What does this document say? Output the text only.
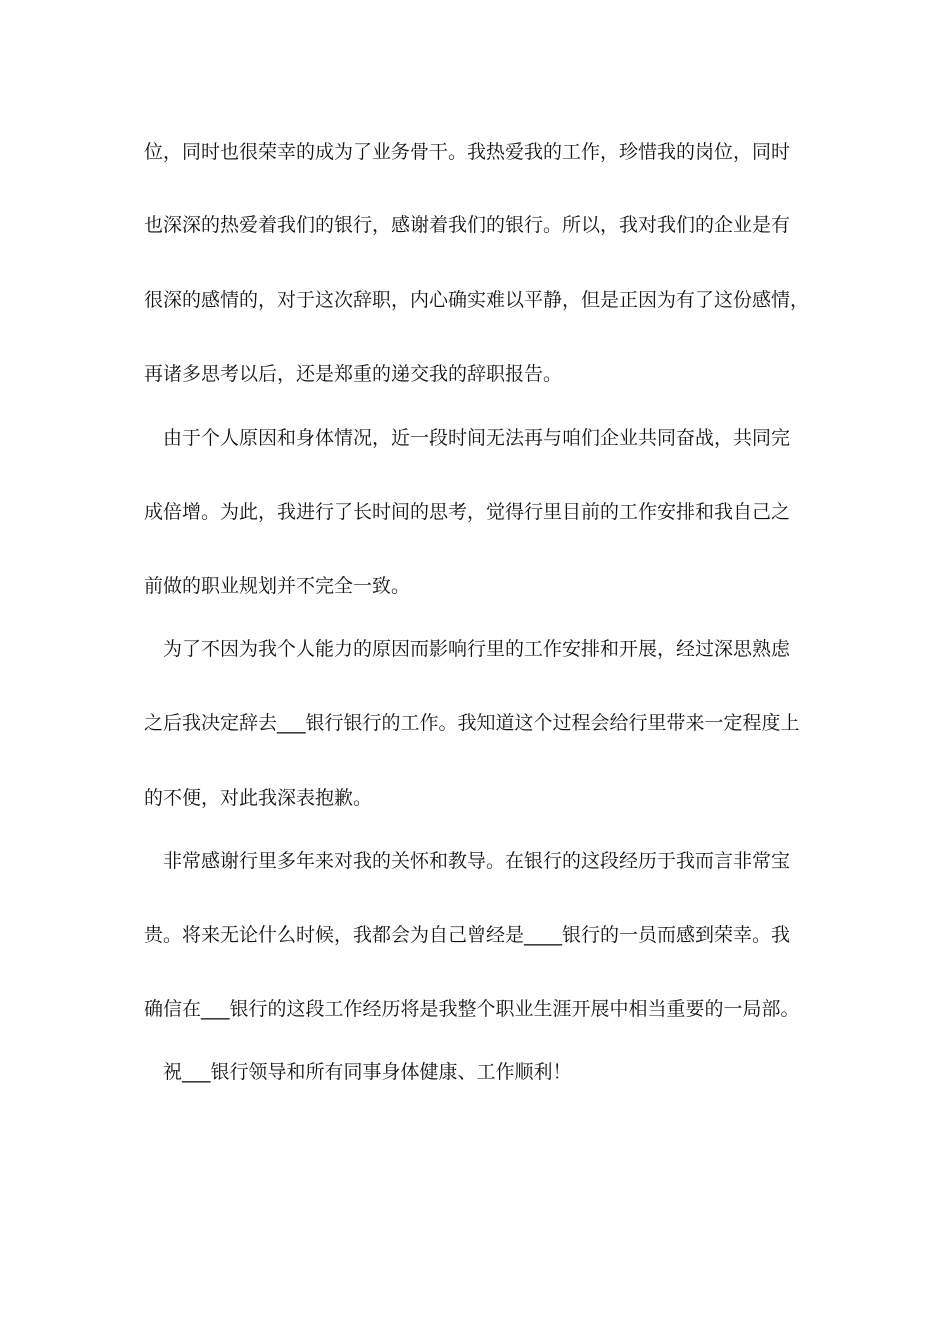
位，同时也很荣幸的成为了业务骨干。我热爱我的工作，珍惜我的岗位，同时
也深深的热爱着我们的银行，感谢着我们的银行。所以，我对我们的企业是有
很深的感情的，对于这次辞职，内心确实难以平静，但是正因为有了这份感情，
再诸多思考以后，还是郑重的递交我的辞职报告。
由于个人原因和身体情况，近一段时间无法再与咱们企业共同奋战，共同完
成倍增。为此，我进行了长时间的思考，觉得行里目前的工作安排和我自己之
前做的职业规划并不完全一致。
为了不因为我个人能力的原因而影响行里的工作安排和开展，经过深思熟虑
之后我决定辞去___银行银行的工作。我知道这个过程会给行里带来一定程度上
的不便，对此我深表抱歉。
非常感谢行里多年来对我的关怀和教导。在银行的这段经历于我而言非常宝
贵。将来无论什么时候，我都会为自己曾经是____银行的一员而感到荣幸。我
确信在___银行的这段工作经历将是我整个职业生涯开展中相当重要的一局部。
祝___银行领导和所有同事身体健康、工作顺利！
